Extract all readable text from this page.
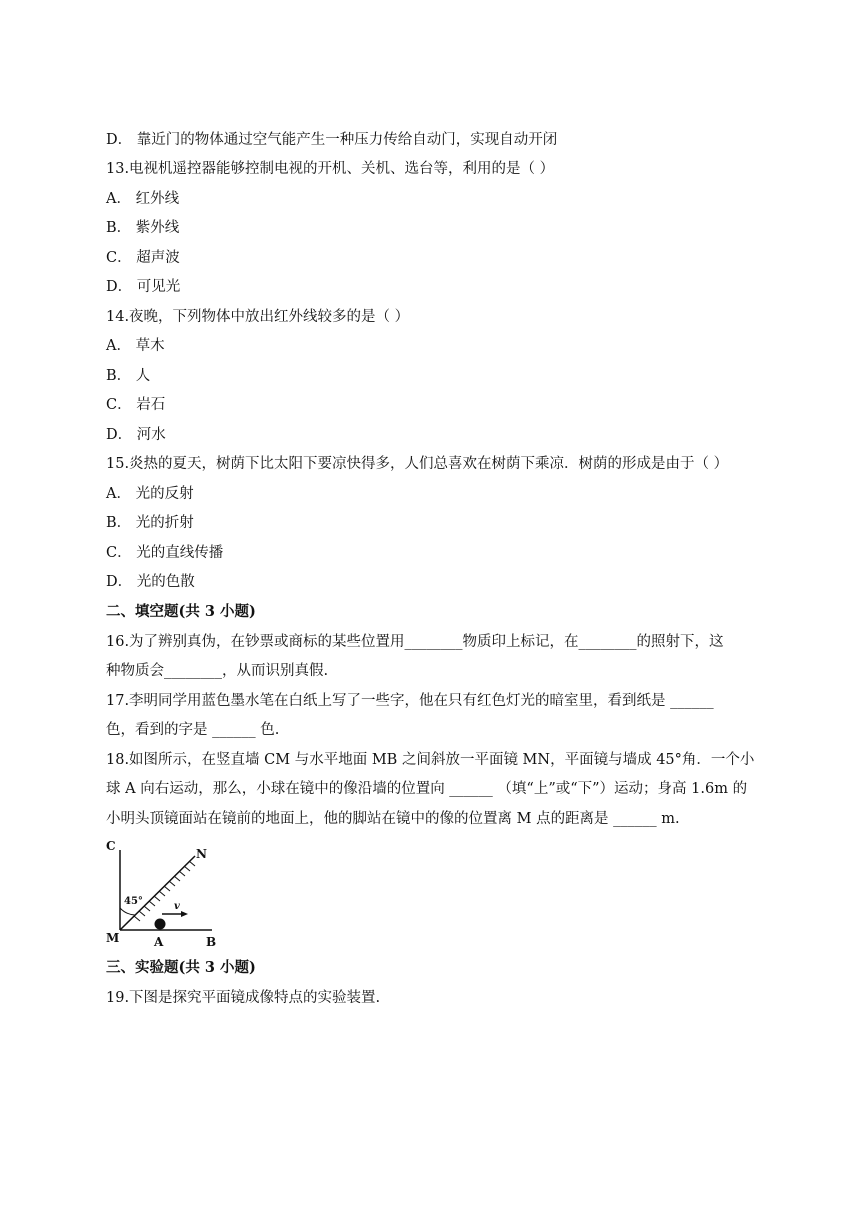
D． 靠近门的物体通过空气能产生一种压力传给自动门，实现自动开闭
13.电视机遥控器能够控制电视的开机、关机、选台等，利用的是（ ）
A． 红外线
B． 紫外线
C． 超声波
D． 可见光
14.夜晚，下列物体中放出红外线较多的是（ ）
A． 草木
B． 人
C． 岩石
D． 河水
15.炎热的夏天，树荫下比太阳下要凉快得多，人们总喜欢在树荫下乘凉．树荫的形成是由于（ ）
A． 光的反射
B． 光的折射
C． 光的直线传播
D． 光的色散
二、填空题(共 3 小题)
16.为了辨别真伪，在钞票或商标的某些位置用________物质印上标记，在________的照射下，这
种物质会________，从而识别真假.
17.李明同学用蓝色墨水笔在白纸上写了一些字，他在只有红色灯光的暗室里，看到纸是 ______
色，看到的字是 ______ 色.
18.如图所示，在竖直墙 CM 与水平地面 MB 之间斜放一平面镜 MN，平面镜与墙成 45°角．一个小
球 A 向右运动，那么，小球在镜中的像沿墙的位置向 ______ （填“上”或“下”）运动；身高 1.6m 的
小明头顶镜面站在镜前的地面上，他的脚站在镜中的像的位置离 M 点的距离是 ______ m.
C
N
M	A	B
45°	v
三、实验题(共 3 小题)
19.下图是探究平面镜成像特点的实验装置.
